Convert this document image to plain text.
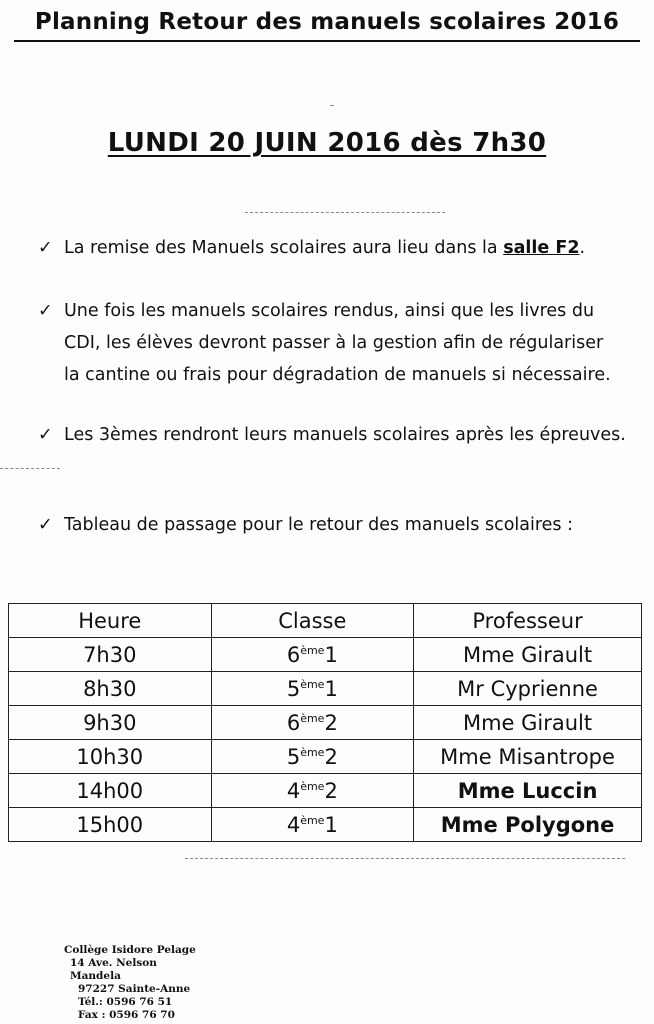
Planning Retour des manuels scolaires 2016
LUNDI 20 JUIN 2016 dès 7h30
✓ La remise des Manuels scolaires aura lieu dans la salle F2.
✓ Une fois les manuels scolaires rendus, ainsi que les livres du
CDI, les élèves devront passer à la gestion afin de régulariser
la cantine ou frais pour dégradation de manuels si nécessaire.
✓ Les 3èmes rendront leurs manuels scolaires après les épreuves.
✓ Tableau de passage pour le retour des manuels scolaires :
Heure	Classe	Professeur
7h30	6ème1	Mme Girault
8h30	5ème1	Mr Cyprienne
9h30	6ème2	Mme Girault
10h30	5ème2	Mme Misantrope
14h00	4ème2	Mme Luccin
15h00	4ème1	Mme Polygone
Collège Isidore Pelage
14 Ave. Nelson Mandela
97227 Sainte-Anne
Tél.: 0596 76 51
Fax : 0596 76 70
